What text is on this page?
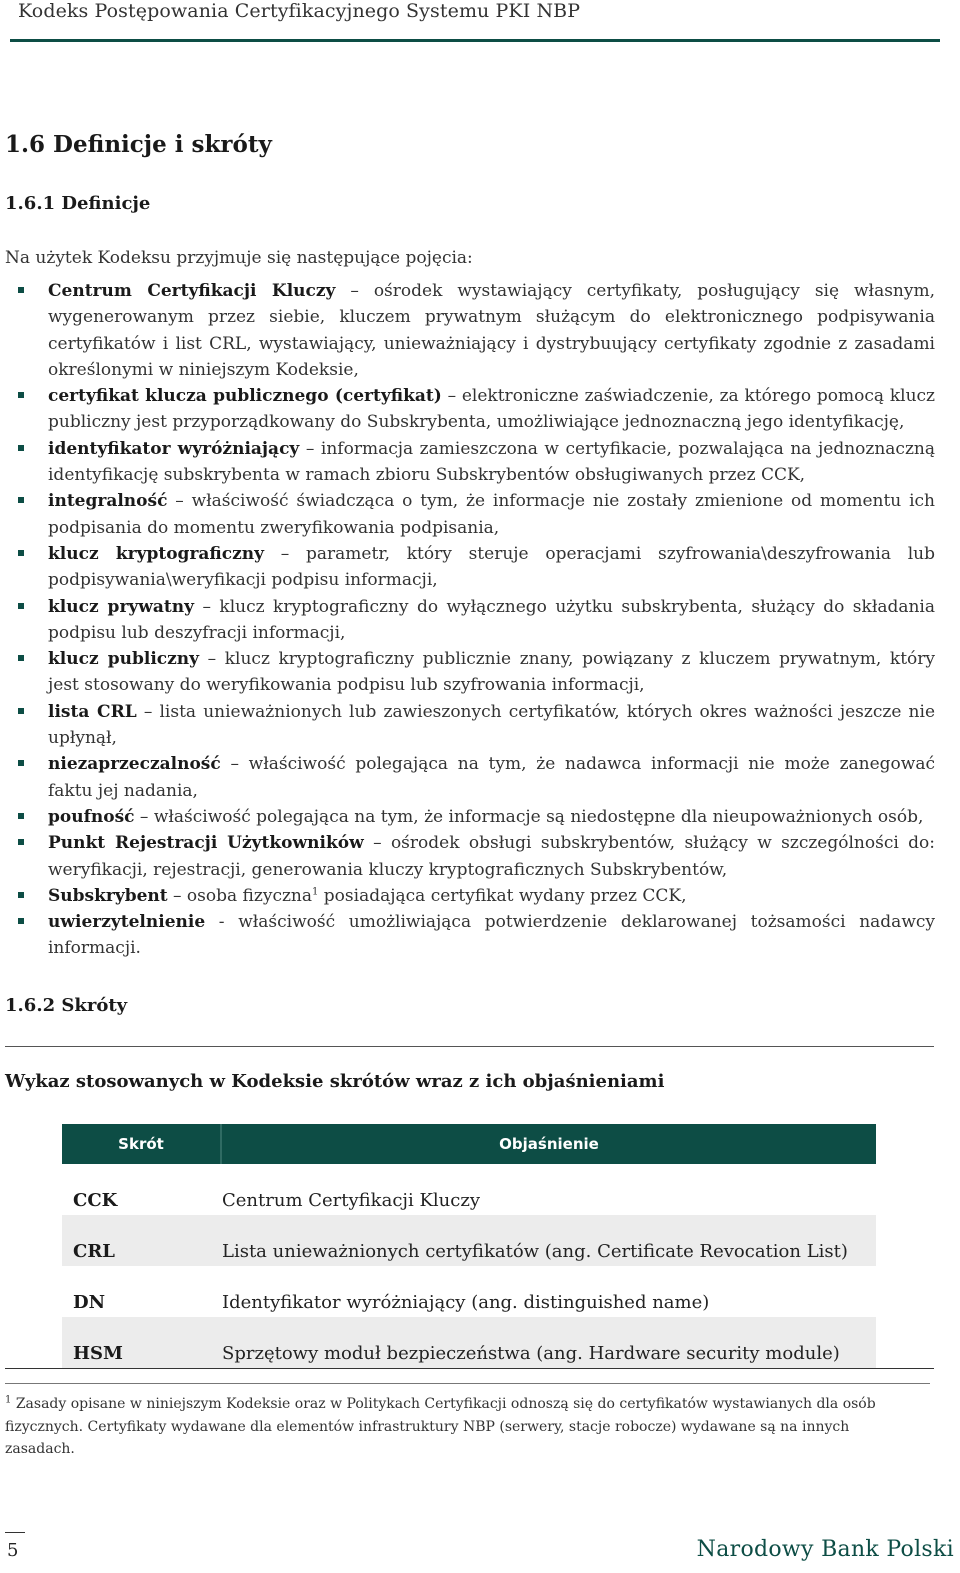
Kodeks Postępowania Certyfikacyjnego Systemu PKI NBP
1.6 Definicje i skróty
1.6.1 Definicje
Na użytek Kodeksu przyjmuje się następujące pojęcia:
Centrum Certyfikacji Kluczy – ośrodek wystawiający certyfikaty, posługujący się własnym, wygenerowanym przez siebie, kluczem prywatnym służącym do elektronicznego podpisywania certyfikatów i list CRL, wystawiający, unieważniający i dystrybuujący certyfikaty zgodnie z zasadami określonymi w niniejszym Kodeksie,
certyfikat klucza publicznego (certyfikat) – elektroniczne zaświadczenie, za którego pomocą klucz publiczny jest przyporządkowany do Subskrybenta, umożliwiające jednoznaczną jego identyfikację,
identyfikator wyróżniający – informacja zamieszczona w certyfikacie, pozwalająca na jednoznaczną identyfikację subskrybenta w ramach zbioru Subskrybentów obsługiwanych przez CCK,
integralność – właściwość świadcząca o tym, że informacje nie zostały zmienione od momentu ich podpisania do momentu zweryfikowania podpisania,
klucz kryptograficzny – parametr, który steruje operacjami szyfrowania\deszyfrowania lub podpisywania\weryfikacji podpisu informacji,
klucz prywatny – klucz kryptograficzny do wyłącznego użytku subskrybenta, służący do składania podpisu lub deszyfracji informacji,
klucz publiczny – klucz kryptograficzny publicznie znany, powiązany z kluczem prywatnym, który jest stosowany do weryfikowania podpisu lub szyfrowania informacji,
lista CRL – lista unieważnionych lub zawieszonych certyfikatów, których okres ważności jeszcze nie upłynął,
niezaprzeczalność – właściwość polegająca na tym, że nadawca informacji nie może zanegować faktu jej nadania,
poufność – właściwość polegająca na tym, że informacje są niedostępne dla nieupoważnionych osób,
Punkt Rejestracji Użytkowników – ośrodek obsługi subskrybentów, służący w szczególności do: weryfikacji, rejestracji, generowania kluczy kryptograficznych Subskrybentów,
Subskrybent – osoba fizyczna$^1$ posiadająca certyfikat wydany przez CCK,
uwierzytelnienie - właściwość umożliwiająca potwierdzenie deklarowanej tożsamości nadawcy informacji.
1.6.2 Skróty
Wykaz stosowanych w Kodeksie skrótów wraz z ich objaśnieniami
Skrót	Objaśnienie
CCK	Centrum Certyfikacji Kluczy
CRL	Lista unieważnionych certyfikatów (ang. Certificate Revocation List)
DN	Identyfikator wyróżniający (ang. distinguished name)
HSM	Sprzętowy moduł bezpieczeństwa (ang. Hardware security module)
$^1$ Zasady opisane w niniejszym Kodeksie oraz w Politykach Certyfikacji odnoszą się do certyfikatów wystawianych dla osób fizycznych. Certyfikaty wydawane dla elementów infrastruktury NBP (serwery, stacje robocze) wydawane są na innych zasadach.
5	Narodowy Bank Polski
